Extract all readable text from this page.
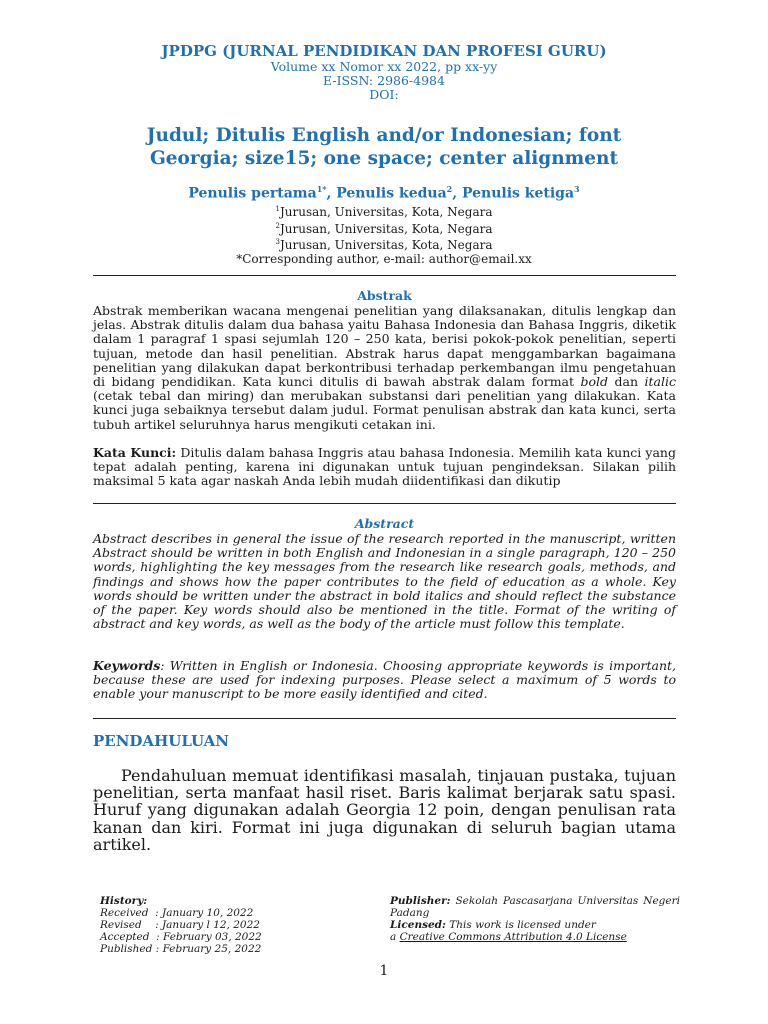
JPDPG (JURNAL PENDIDIKAN DAN PROFESI GURU)
Volume xx Nomor xx 2022, pp xx-yy
E-ISSN: 2986-4984
DOI:
Judul; Ditulis English and/or Indonesian; font
Georgia; size15; one space; center alignment
Penulis pertama$^{1*}$, Penulis kedua$^2$, Penulis ketiga$^3$
$^1$Jurusan, Universitas, Kota, Negara
$^2$Jurusan, Universitas, Kota, Negara
$^3$Jurusan, Universitas, Kota, Negara
*Corresponding author, e-mail: author@email.xx
Abstrak
Abstrak memberikan wacana mengenai penelitian yang dilaksanakan, ditulis lengkap dan jelas. Abstrak ditulis dalam dua bahasa yaitu Bahasa Indonesia dan Bahasa Inggris, diketik dalam 1 paragraf 1 spasi sejumlah 120 – 250 kata, berisi pokok-pokok penelitian, seperti tujuan, metode dan hasil penelitian. Abstrak harus dapat menggambarkan bagaimana penelitian yang dilakukan dapat berkontribusi terhadap perkembangan ilmu pengetahuan di bidang pendidikan. Kata kunci ditulis di bawah abstrak dalam format bold dan italic (cetak tebal dan miring) dan merubakan substansi dari penelitian yang dilakukan. Kata kunci juga sebaiknya tersebut dalam judul. Format penulisan abstrak dan kata kunci, serta tubuh artikel seluruhnya harus mengikuti cetakan ini.
Kata Kunci: Ditulis dalam bahasa Inggris atau bahasa Indonesia. Memilih kata kunci yang tepat adalah penting, karena ini digunakan untuk tujuan pengindeksan. Silakan pilih maksimal 5 kata agar naskah Anda lebih mudah diidentifikasi dan dikutip
Abstract
Abstract describes in general the issue of the research reported in the manuscript, written Abstract should be written in both English and Indonesian in a single paragraph, 120 – 250 words, highlighting the key messages from the research like research goals, methods, and findings and shows how the paper contributes to the field of education as a whole. Key words should be written under the abstract in bold italics and should reflect the substance of the paper. Key words should also be mentioned in the title. Format of the writing of abstract and key words, as well as the body of the article must follow this template.
Keywords: Written in English or Indonesia. Choosing appropriate keywords is important, because these are used for indexing purposes. Please select a maximum of 5 words to enable your manuscript to be more easily identified and cited.
PENDAHULUAN
Pendahuluan memuat identifikasi masalah, tinjauan pustaka, tujuan penelitian, serta manfaat hasil riset. Baris kalimat berjarak satu spasi. Huruf yang digunakan adalah Georgia 12 poin, dengan penulisan rata kanan dan kiri. Format ini juga digunakan di seluruh bagian utama artikel.
History:
Received  : January 10, 2022
Revised    : January l 12, 2022
Accepted  : February 03, 2022
Published : February 25, 2022
Publisher: Sekolah Pascasarjana Universitas Negeri Padang
Licensed: This work is licensed under
a Creative Commons Attribution 4.0 License
1
